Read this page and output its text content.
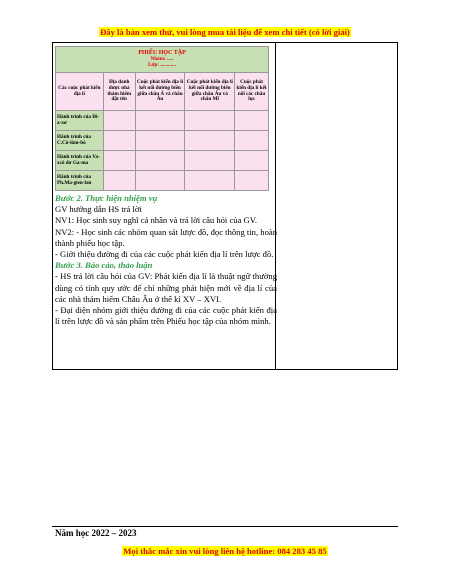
Đây là bản xem thử, vui lòng mua tài liệu để xem chi tiết (có lời giải)
PHIẾU HỌC TẬP
Nhóm: .....
Lớp: ............				

Các cuộc phát kiến địa lí	Địa danh được nhà thám hiểm đặt tên	Cuộc phát kiến địa lí kết nối đường biển giữa châu Á và châu Âu	Cuộc phát kiến địa lí kết nối đường biển giữa châu Âu và châu Mĩ	Cuộc phát kiến địa lí kết nối các châu lục
Hành trình của Đi-a-xơ				
Hành trình của C.Cô-lôm-bô				
Hành trình của Va-xcô đơ Ga-ma				
Hành trình của Ph.Ma-gien-lan				

Bước 2. Thực hiện nhiệm vụ

GV hướng dẫn HS trả lời

NV1: Học sinh suy nghĩ cá nhân và trả lời câu hỏi của GV.

NV2: - Học sinh các nhóm quan sát lược đồ, đọc thông tin, hoàn thành phiếu học tập.

- Giới thiệu đường đi của các cuộc phát kiến địa lí trên lược đồ.

Bước 3. Báo cáo, thảo luận

- HS trả lời câu hỏi của GV: Phát kiến địa lí là thuật ngữ thường dùng có tính quy ước để chỉ những phát hiện mới về địa lí của các nhà thám hiểm Châu Âu ở thế kỉ XV – XVI.

- Đại diện nhóm giới thiệu đường đi của các cuộc phát kiến địa lí trên lược đồ và sản phẩm trên Phiếu học tập của nhóm mình.

Năm học 2022 – 2023
Mọi thắc mắc xin vui lòng liên hệ hotline: 084 283 45 85
